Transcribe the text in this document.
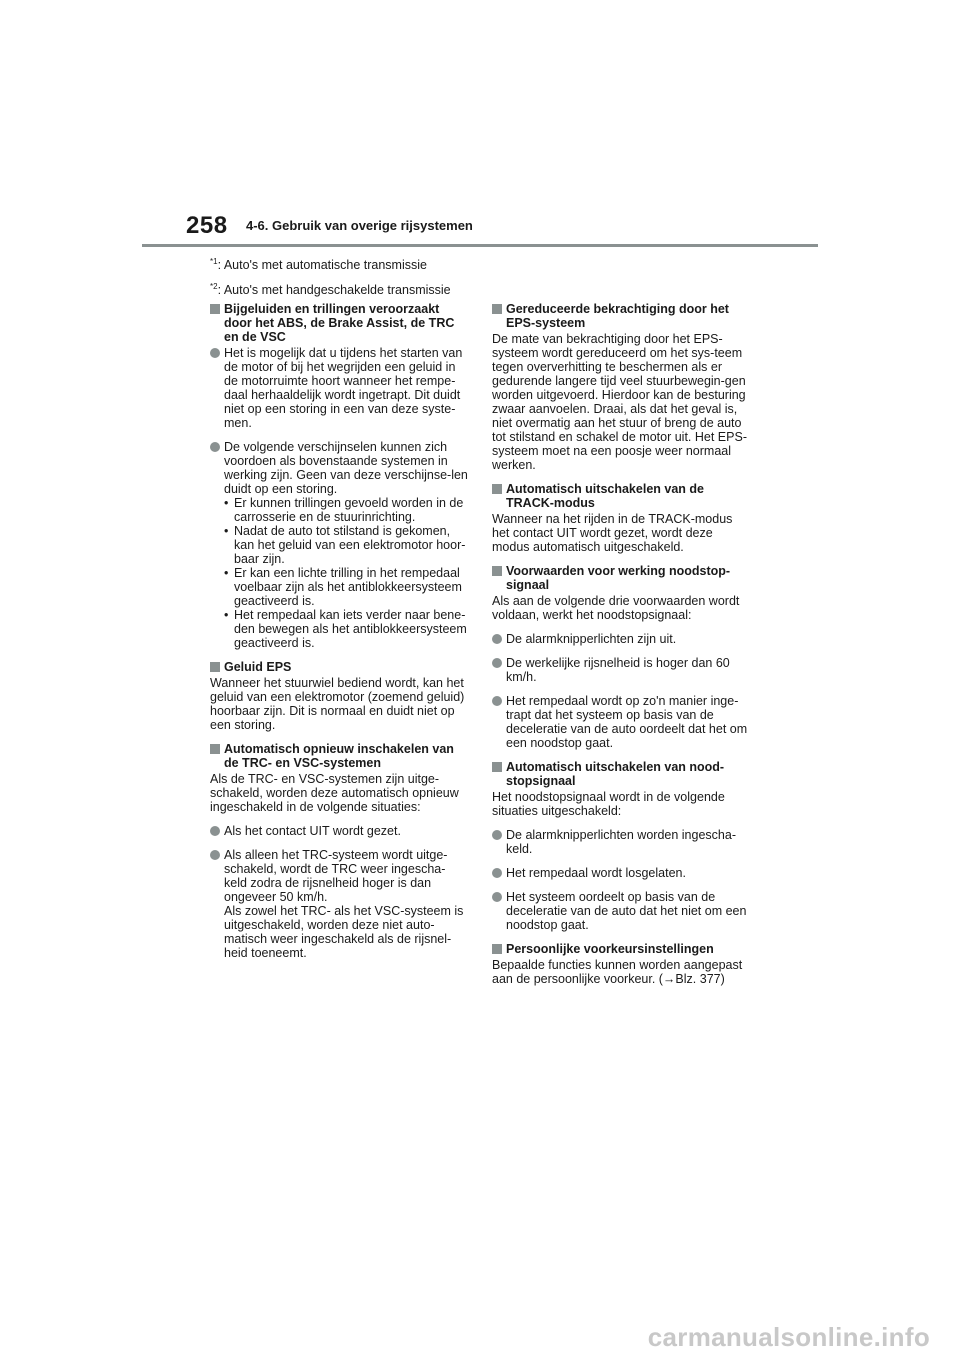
258 4-6. Gebruik van overige rijsystemen
$^{*1}$: Auto's met automatische transmissie
$^{*2}$: Auto's met handgeschakelde transmissie
Bijgeluiden en trillingen veroorzaakt door het ABS, de Brake Assist, de TRC en de VSC
Het is mogelijk dat u tijdens het starten van de motor of bij het wegrijden een geluid in de motorruimte hoort wanneer het rempe-daal herhaaldelijk wordt ingetrapt. Dit duidt niet op een storing in een van deze syste-men.
De volgende verschijnselen kunnen zich voordoen als bovenstaande systemen in werking zijn. Geen van deze verschijnse-len duidt op een storing.
• Er kunnen trillingen gevoeld worden in de carrosserie en de stuurinrichting.
• Nadat de auto tot stilstand is gekomen, kan het geluid van een elektromotor hoor-baar zijn.
• Er kan een lichte trilling in het rempedaal voelbaar zijn als het antiblokkeersysteem geactiveerd is.
• Het rempedaal kan iets verder naar bene-den bewegen als het antiblokkeersysteem geactiveerd is.
Geluid EPS
Wanneer het stuurwiel bediend wordt, kan het geluid van een elektromotor (zoemend geluid) hoorbaar zijn. Dit is normaal en duidt niet op een storing.
Automatisch opnieuw inschakelen van de TRC- en VSC-systemen
Als de TRC- en VSC-systemen zijn uitge-schakeld, worden deze automatisch opnieuw ingeschakeld in de volgende situaties:
Als het contact UIT wordt gezet.
Als alleen het TRC-systeem wordt uitge-schakeld, wordt de TRC weer ingescha-keld zodra de rijsnelheid hoger is dan ongeveer 50 km/h.
Als zowel het TRC- als het VSC-systeem is uitgeschakeld, worden deze niet auto-matisch weer ingeschakeld als de rijsnel-heid toeneemt.
Gereduceerde bekrachtiging door het EPS-systeem
De mate van bekrachtiging door het EPS-systeem wordt gereduceerd om het sys-teem tegen oververhitting te beschermen als er gedurende langere tijd veel stuurbewegin-gen worden uitgevoerd. Hierdoor kan de besturing zwaar aanvoelen. Draai, als dat het geval is, niet overmatig aan het stuur of breng de auto tot stilstand en schakel de motor uit. Het EPS-systeem moet na een poosje weer normaal werken.
Automatisch uitschakelen van de TRACK-modus
Wanneer na het rijden in de TRACK-modus het contact UIT wordt gezet, wordt deze modus automatisch uitgeschakeld.
Voorwaarden voor werking noodstop-signaal
Als aan de volgende drie voorwaarden wordt voldaan, werkt het noodstopsignaal:
De alarmknipperlichten zijn uit.
De werkelijke rijsnelheid is hoger dan 60 km/h.
Het rempedaal wordt op zo'n manier inge-trapt dat het systeem op basis van de deceleratie van de auto oordeelt dat het om een noodstop gaat.
Automatisch uitschakelen van nood-stopsignaal
Het noodstopsignaal wordt in de volgende situaties uitgeschakeld:
De alarmknipperlichten worden ingescha-keld.
Het rempedaal wordt losgelaten.
Het systeem oordeelt op basis van de deceleratie van de auto dat het niet om een noodstop gaat.
Persoonlijke voorkeursinstellingen
Bepaalde functies kunnen worden aangepast aan de persoonlijke voorkeur. (→Blz. 377)
carmanualsonline.info
